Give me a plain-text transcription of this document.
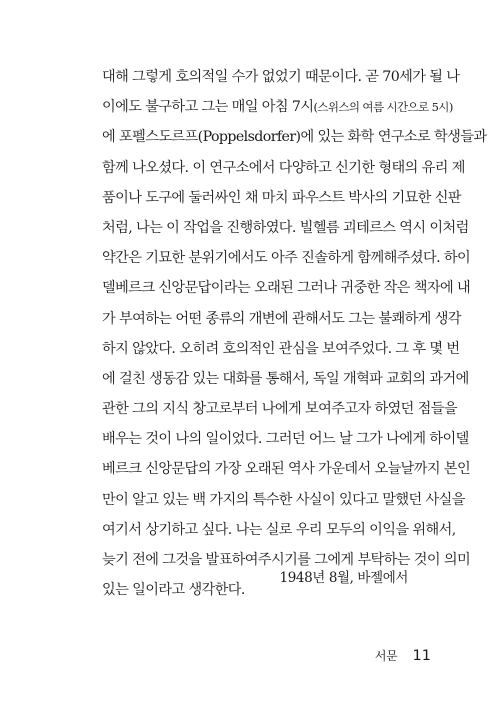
대해 그렇게 호의적일 수가 없었기 때문이다. 곧 70세가 될 나
이에도 불구하고 그는 매일 아침 7시(스위스의 여름 시간으로 5시)
에 포펠스도르프(Poppelsdorfer)에 있는 화학 연구소로 학생들과
함께 나오셨다. 이 연구소에서 다양하고 신기한 형태의 유리 제
품이나 도구에 둘러싸인 채 마치 파우스트 박사의 기묘한 신판
처럼, 나는 이 작업을 진행하였다. 빌헬름 괴테르스 역시 이처럼
약간은 기묘한 분위기에서도 아주 진솔하게 함께해주셨다. 하이
델베르크 신앙문답이라는 오래된 그러나 귀중한 작은 책자에 내
가 부여하는 어떤 종류의 개변에 관해서도 그는 불쾌하게 생각
하지 않았다. 오히려 호의적인 관심을 보여주었다. 그 후 몇 번
에 걸친 생동감 있는 대화를 통해서, 독일 개혁파 교회의 과거에
관한 그의 지식 창고로부터 나에게 보여주고자 하였던 점들을
배우는 것이 나의 일이었다. 그러던 어느 날 그가 나에게 하이델
베르크 신앙문답의 가장 오래된 역사 가운데서 오늘날까지 본인
만이 알고 있는 백 가지의 특수한 사실이 있다고 말했던 사실을
여기서 상기하고 싶다. 나는 실로 우리 모두의 이익을 위해서,
늦기 전에 그것을 발표하여주시기를 그에게 부탁하는 것이 의미
있는 일이라고 생각한다.
1948년 8월, 바젤에서
서문 11
